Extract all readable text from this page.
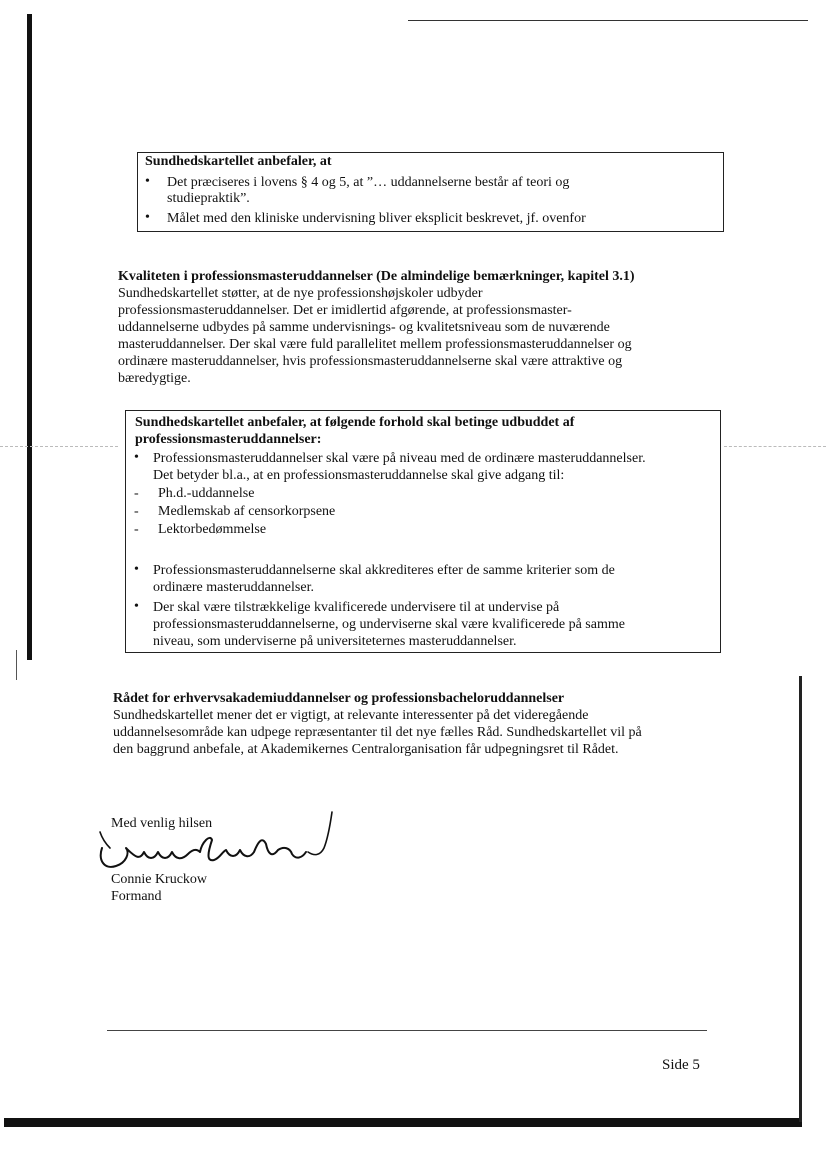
Sundhedskartellet anbefaler, at
• Det præciseres i lovens § 4 og 5, at ”… uddannelserne består af teori og
studiepraktik”.
• Målet med den kliniske undervisning bliver eksplicit beskrevet, jf. ovenfor
Kvaliteten i professionsmasteruddannelser (De almindelige bemærkninger, kapitel 3.1)
Sundhedskartellet støtter, at de nye professionshøjskoler udbyder
professionsmasteruddannelser. Det er imidlertid afgørende, at professionsmaster-
uddannelserne udbydes på samme undervisnings- og kvalitetsniveau som de nuværende
masteruddannelser. Der skal være fuld parallelitet mellem professionsmasteruddannelser og
ordinære masteruddannelser, hvis professionsmasteruddannelserne skal være attraktive og
bæredygtige.
Sundhedskartellet anbefaler, at følgende forhold skal betinge udbuddet af
professionsmasteruddannelser:
• Professionsmasteruddannelser skal være på niveau med de ordinære masteruddannelser.
Det betyder bl.a., at en professionsmasteruddannelse skal give adgang til:
- Ph.d.-uddannelse
- Medlemskab af censorkorpsene
- Lektorbedømmelse
• Professionsmasteruddannelserne skal akkrediteres efter de samme kriterier som de
ordinære masteruddannelser.
• Der skal være tilstrækkelige kvalificerede undervisere til at undervise på
professionsmasteruddannelserne, og underviserne skal være kvalificerede på samme
niveau, som underviserne på universiteternes masteruddannelser.
Rådet for erhvervsakademiuddannelser og professionsbacheloruddannelser
Sundhedskartellet mener det er vigtigt, at relevante interessenter på det videregående
uddannelsesområde kan udpege repræsentanter til det nye fælles Råd. Sundhedskartellet vil på
den baggrund anbefale, at Akademikernes Centralorganisation får udpegningsret til Rådet.
Med venlig hilsen
Connie Kruckow
Formand
Side 5
